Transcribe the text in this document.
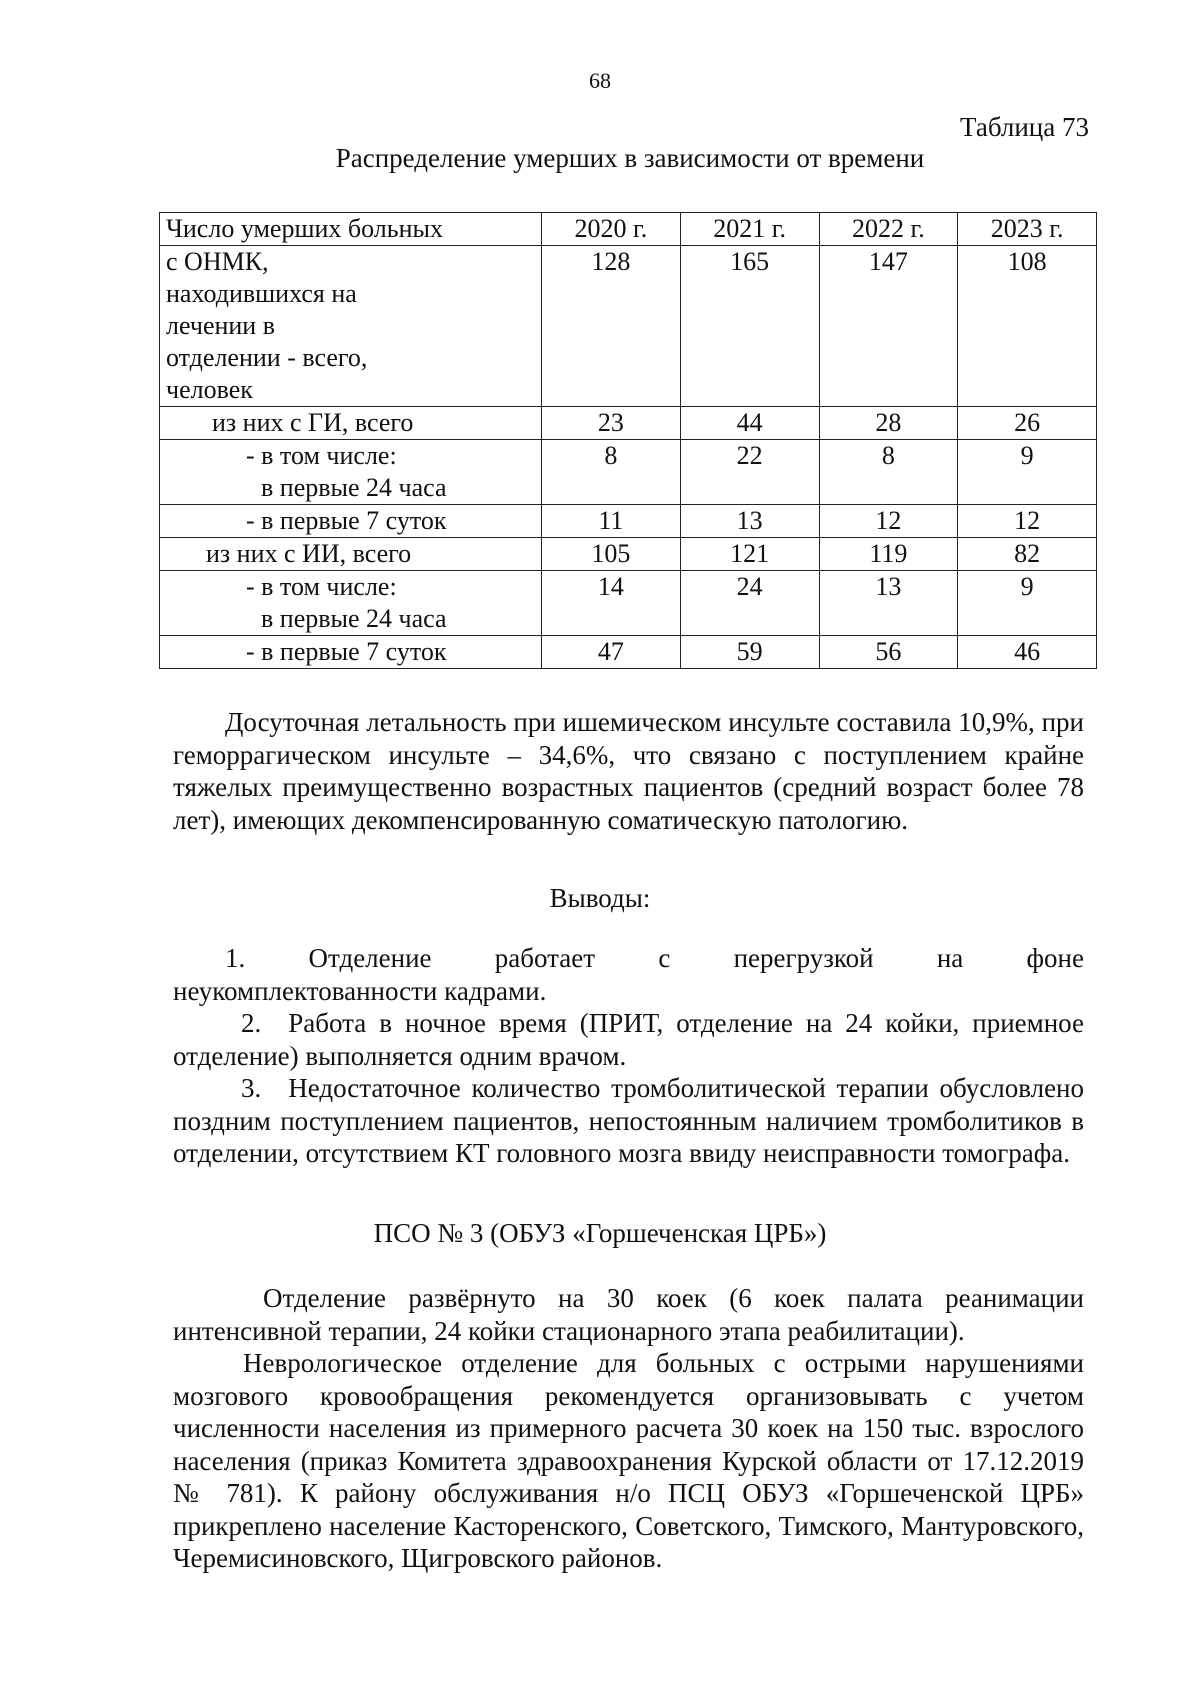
68
Таблица 73
Распределение умерших в зависимости от времени
Число умерших больных	2020 г.	2021 г.	2022 г.	2023 г.

с ОНМК,
находившихся на
лечении в
отделении - всего,
человек	128	165	147	108
из них с ГИ, всего	23	44	28	26

- в том числе:
в первые 24 часа	8	22	8	9
- в первые 7 суток	11	13	12	12
из них с ИИ, всего	105	121	119	82

- в том числе:
в первые 24 часа	14	24	13	9
- в первые 7 суток	47	59	56	46

Досуточная летальность при ишемическом инсульте составила 10,9%, при геморрагическом инсульте – 34,6%, что связано с поступлением крайне тяжелых преимущественно возрастных пациентов (средний возраст более 78 лет), имеющих декомпенсированную соматическую патологию.

Выводы:
1. Отделение работает с перегрузкой на фоне
неукомплектованности кадрами.

2. Работа в ночное время (ПРИТ, отделение на 24 койки, приемное отделение) выполняется одним врачом.

3. Недостаточное количество тромболитической терапии обусловлено поздним поступлением пациентов, непостоянным наличием тромболитиков в отделении, отсутствием КТ головного мозга ввиду неисправности томографа.

ПСО № 3 (ОБУЗ «Горшеченская ЦРБ»)

Отделение развёрнуто на 30 коек (6 коек палата реанимации интенсивной терапии, 24 койки стационарного этапа реабилитации).

Неврологическое отделение для больных с острыми нарушениями мозгового кровообращения рекомендуется организовывать с учетом численности населения из примерного расчета 30 коек на 150 тыс. взрослого населения (приказ Комитета здравоохранения Курской области от 17.12.2019 № 781). К району обслуживания н/о ПСЦ ОБУЗ «Горшеченской ЦРБ» прикреплено население Касторенского, Советского, Тимского, Мантуровского, Черемисиновского, Щигровского районов.
